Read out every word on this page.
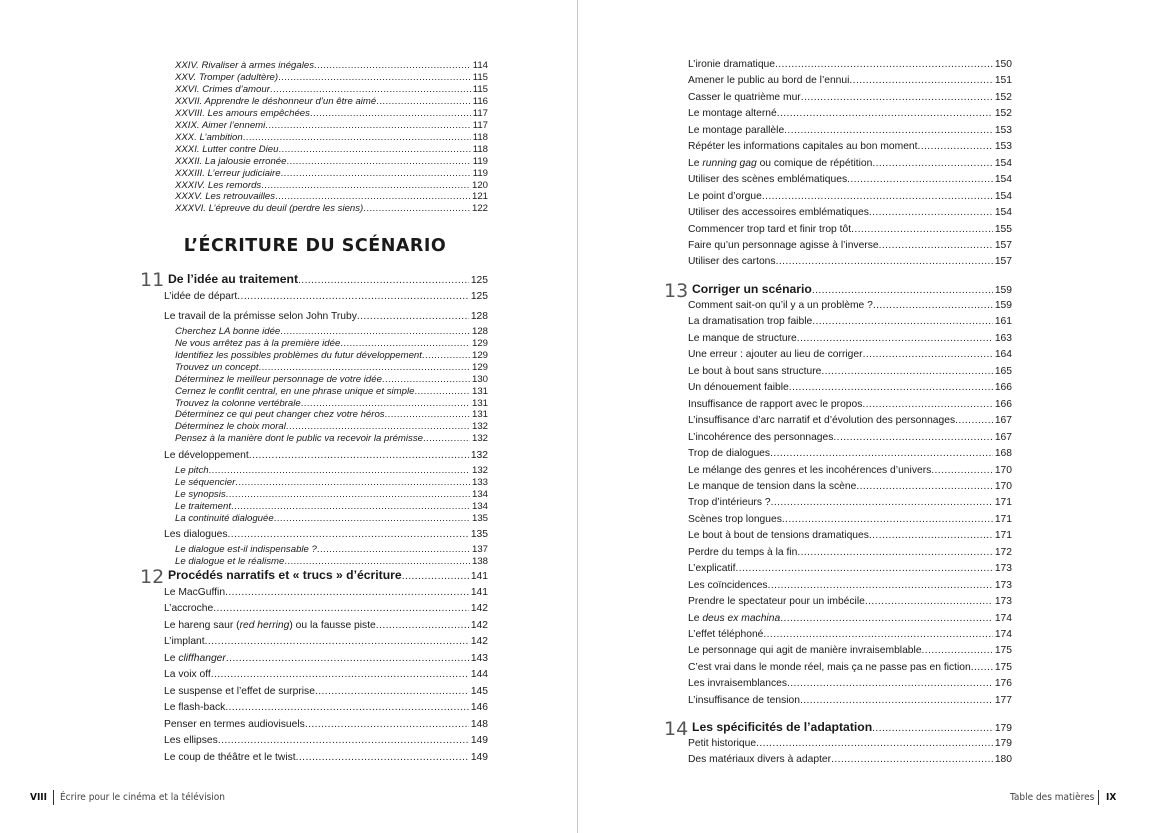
XXIV. Rivaliser à armes inégales .....	114
XXV. Tromper (adultère) .....	115
XXVI. Crimes d’amour .....	115
XXVII. Apprendre le déshonneur d’un être aimé .....	116
XXVIII. Les amours empêchées .....	117
XXIX. Aimer l’ennemi .....	117
XXX. L’ambition .....	118
XXXI. Lutter contre Dieu .....	118
XXXII. La jalousie erronée .....	119
XXXIII. L’erreur judiciaire .....	119
XXXIV. Les remords .....	120
XXXV. Les retrouvailles .....	121
XXXVI. L’épreuve du deuil (perdre les siens) .....	122
L’ÉCRITURE DU SCÉNARIO
11 De l’idée au traitement .....	125
L’idée de départ .....	125
Le travail de la prémisse selon John Truby .....	128
Cherchez LA bonne idée .....	128
Ne vous arrêtez pas à la première idée .....	129
Identifiez les possibles problèmes du futur développement .....	129
Trouvez un concept .....	129
Déterminez le meilleur personnage de votre idée .....	130
Cernez le conflit central, en une phrase unique et simple .....	131
Trouvez la colonne vertébrale .....	131
Déterminez ce qui peut changer chez votre héros .....	131
Déterminez le choix moral .....	132
Pensez à la manière dont le public va recevoir la prémisse .....	132
Le développement .....	132
Le pitch .....	132
Le séquencier .....	133
Le synopsis .....	134
Le traitement .....	134
La continuité dialoguée .....	135
Les dialogues .....	135
Le dialogue est-il indispensable ? .....	137
Le dialogue et le réalisme .....	138
12 Procédés narratifs et « trucs » d’écriture .....	141
Le MacGuffin .....	141
L’accroche .....	142
Le hareng saur (red herring) ou la fausse piste .....	142
L’implant .....	142
Le cliffhanger .....	143
La voix off .....	144
Le suspense et l’effet de surprise .....	145
Le flash-back .....	146
Penser en termes audiovisuels .....	148
Les ellipses .....	149
Le coup de théâtre et le twist .....	149
VIII Écrire pour le cinéma et la télévision
L’ironie dramatique .....	150
Amener le public au bord de l’ennui .....	151
Casser le quatrième mur .....	152
Le montage alterné .....	152
Le montage parallèle .....	153
Répéter les informations capitales au bon moment .....	153
Le running gag ou comique de répétition .....	154
Utiliser des scènes emblématiques .....	154
Le point d’orgue .....	154
Utiliser des accessoires emblématiques .....	154
Commencer trop tard et finir trop tôt .....	155
Faire qu’un personnage agisse à l’inverse .....	157
Utiliser des cartons .....	157
13 Corriger un scénario .....	159
Comment sait-on qu’il y a un problème ? .....	159
La dramatisation trop faible .....	161
Le manque de structure .....	163
Une erreur : ajouter au lieu de corriger .....	164
Le bout à bout sans structure .....	165
Un dénouement faible .....	166
Insuffisance de rapport avec le propos .....	166
L’insuffisance d’arc narratif et d’évolution des personnages .....	167
L’incohérence des personnages .....	167
Trop de dialogues .....	168
Le mélange des genres et les incohérences d’univers .....	170
Le manque de tension dans la scène .....	170
Trop d’intérieurs ? .....	171
Scènes trop longues .....	171
Le bout à bout de tensions dramatiques .....	171
Perdre du temps à la fin .....	172
L’explicatif .....	173
Les coïncidences .....	173
Prendre le spectateur pour un imbécile .....	173
Le deus ex machina .....	174
L’effet téléphoné .....	174
Le personnage qui agit de manière invraisemblable .....	175
C’est vrai dans le monde réel, mais ça ne passe pas en fiction ..... 175
Les invraisemblances .....	176
L’insuffisance de tension .....	177
14 Les spécificités de l’adaptation .....	179
Petit historique .....	179
Des matériaux divers à adapter .....	180
Table des matières IX
